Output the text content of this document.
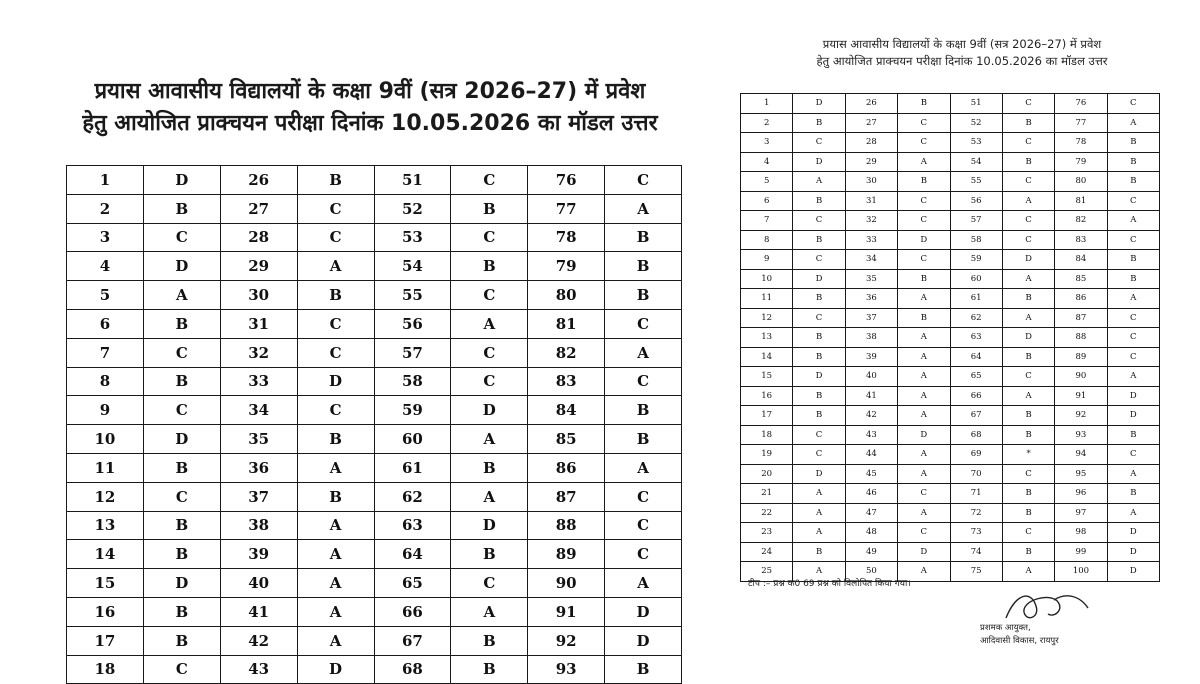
प्रयास आवासीय विद्यालयों के कक्षा 9वीं (सत्र 2026–27) में प्रवेश
हेतु आयोजित प्राक्चयन परीक्षा दिनांक 10.05.2026 का मॉडल उत्तर
1	D	26	B	51	C	76	C
2	B	27	C	52	B	77	A
3	C	28	C	53	C	78	B
4	D	29	A	54	B	79	B
5	A	30	B	55	C	80	B
6	B	31	C	56	A	81	C
7	C	32	C	57	C	82	A
8	B	33	D	58	C	83	C
9	C	34	C	59	D	84	B
10	D	35	B	60	A	85	B
11	B	36	A	61	B	86	A
12	C	37	B	62	A	87	C
13	B	38	A	63	D	88	C
14	B	39	A	64	B	89	C
15	D	40	A	65	C	90	A
16	B	41	A	66	A	91	D
17	B	42	A	67	B	92	D
18	C	43	D	68	B	93	B
प्रयास आवासीय विद्यालयों के कक्षा 9वीं (सत्र 2026–27) में प्रवेश
हेतु आयोजित प्राक्चयन परीक्षा दिनांक 10.05.2026 का मॉडल उत्तर
1	D	26	B	51	C	76	C
2	B	27	C	52	B	77	A
3	C	28	C	53	C	78	B
4	D	29	A	54	B	79	B
5	A	30	B	55	C	80	B
6	B	31	C	56	A	81	C
7	C	32	C	57	C	82	A
8	B	33	D	58	C	83	C
9	C	34	C	59	D	84	B
10	D	35	B	60	A	85	B
11	B	36	A	61	B	86	A
12	C	37	B	62	A	87	C
13	B	38	A	63	D	88	C
14	B	39	A	64	B	89	C
15	D	40	A	65	C	90	A
16	B	41	A	66	A	91	D
17	B	42	A	67	B	92	D
18	C	43	D	68	B	93	B
19	C	44	A	69	*	94	C
20	D	45	A	70	C	95	A
21	A	46	C	71	B	96	B
22	A	47	A	72	B	97	A
23	A	48	C	73	C	98	D
24	B	49	D	74	B	99	D
25	A	50	A	75	A	100	D
टीप :– प्रश्न क0 69 प्रश्न को विलोपित किया गया।
प्रशमक आयुक्त,
आदिवासी विकास, रायपुर
